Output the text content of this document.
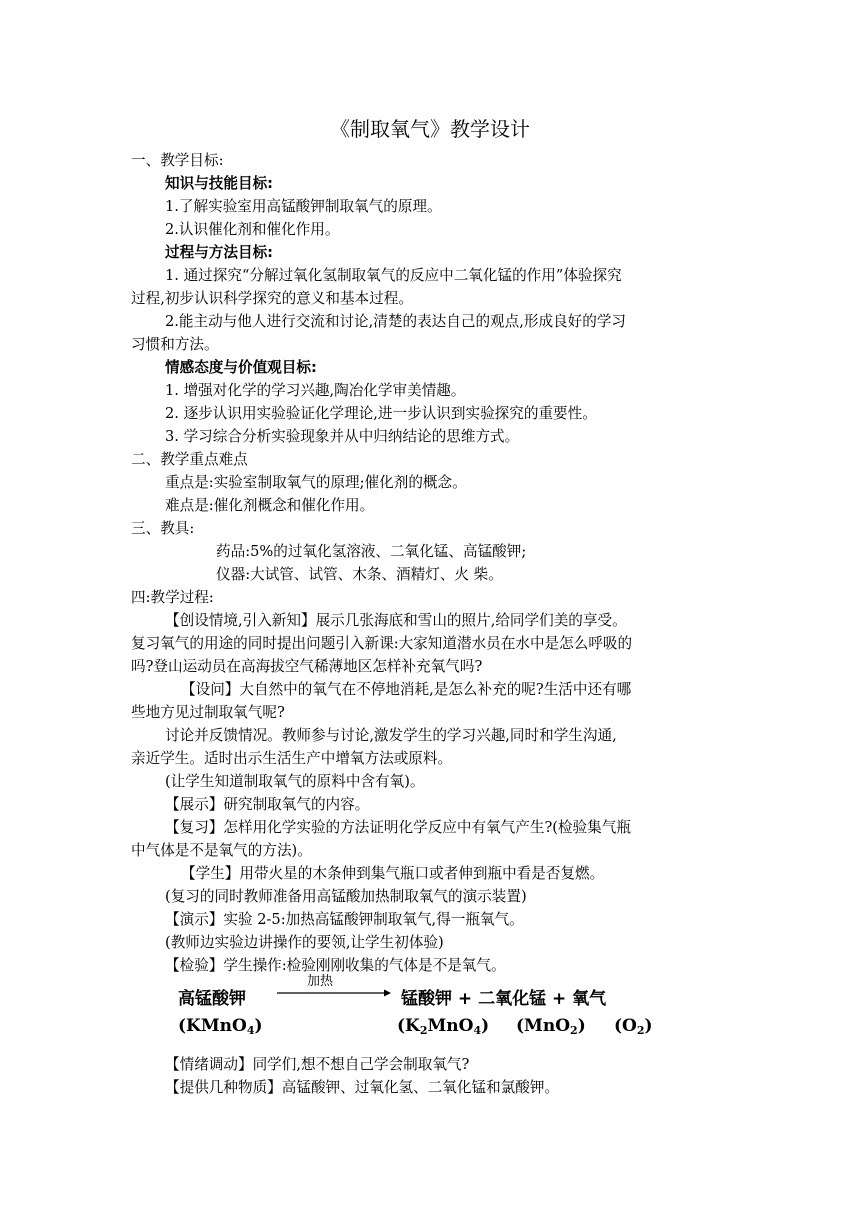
《制取氧气》教学设计
一、教学目标:
知识与技能目标:
1.了解实验室用高锰酸钾制取氧气的原理。
2.认识催化剂和催化作用。
过程与方法目标:
1. 通过探究“分解过氧化氢制取氧气的反应中二氧化锰的作用”体验探究
过程,初步认识科学探究的意义和基本过程。
2.能主动与他人进行交流和讨论,清楚的表达自己的观点,形成良好的学习
习惯和方法。
情感态度与价值观目标:
1. 增强对化学的学习兴趣,陶冶化学审美情趣。
2. 逐步认识用实验验证化学理论,进一步认识到实验探究的重要性。
3. 学习综合分析实验现象并从中归纳结论的思维方式。
二、教学重点难点
重点是:实验室制取氧气的原理;催化剂的概念。
难点是:催化剂概念和催化作用。
三、教具:
药品:5%的过氧化氢溶液、二氧化锰、高锰酸钾;
仪器:大试管、试管、木条、酒精灯、火 柴。
四:教学过程:
【创设情境,引入新知】展示几张海底和雪山的照片,给同学们美的享受。
复习氧气的用途的同时提出问题引入新课:大家知道潜水员在水中是怎么呼吸的
吗?登山运动员在高海拔空气稀薄地区怎样补充氧气吗?
【设问】大自然中的氧气在不停地消耗,是怎么补充的呢?生活中还有哪
些地方见过制取氧气呢?
讨论并反馈情况。教师参与讨论,激发学生的学习兴趣,同时和学生沟通,
亲近学生。适时出示生活生产中增氧方法或原料。
(让学生知道制取氧气的原料中含有氧)。
【展示】研究制取氧气的内容。
【复习】怎样用化学实验的方法证明化学反应中有氧气产生?(检验集气瓶
中气体是不是氧气的方法)。
【学生】用带火星的木条伸到集气瓶口或者伸到瓶中看是否复燃。
(复习的同时教师准备用高锰酸加热制取氧气的演示装置)
【演示】实验 2-5:加热高锰酸钾制取氧气,得一瓶氧气。
(教师边实验边讲操作的要领,让学生初体验)
【检验】学生操作:检验刚刚收集的气体是不是氧气。
高锰酸钾
加热
锰酸钾 + 二氧化锰 + 氧气
(KMnO$_4$)	$(K_2MnO_4)$ (MnO$_2$) $(O_2)$
【情绪调动】同学们,想不想自己学会制取氧气?
【提供几种物质】高锰酸钾、过氧化氢、二氧化锰和氯酸钾。
